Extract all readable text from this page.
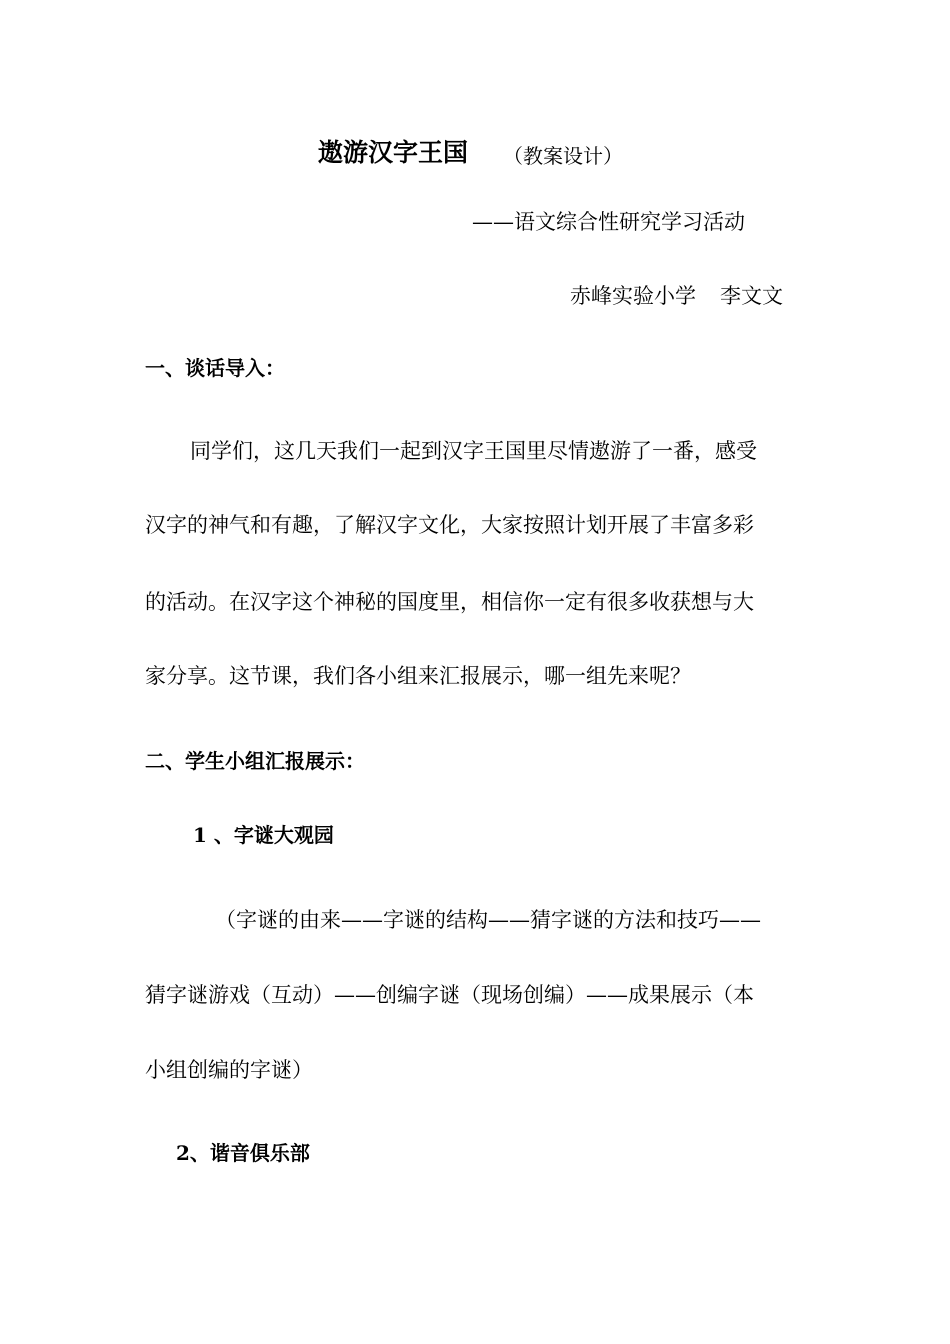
遨游汉字王国 （教案设计）
——语文综合性研究学习活动
赤峰实验小学 李文文
一、谈话导入：
同学们，这几天我们一起到汉字王国里尽情遨游了一番，感受
汉字的神气和有趣，了解汉字文化，大家按照计划开展了丰富多彩
的活动。在汉字这个神秘的国度里，相信你一定有很多收获想与大
家分享。这节课，我们各小组来汇报展示，哪一组先来呢？
二、学生小组汇报展示：
1 、字谜大观园
（字谜的由来——字谜的结构——猜字谜的方法和技巧——
猜字谜游戏（互动）——创编字谜（现场创编）——成果展示（本
小组创编的字谜）
2、谐音俱乐部
